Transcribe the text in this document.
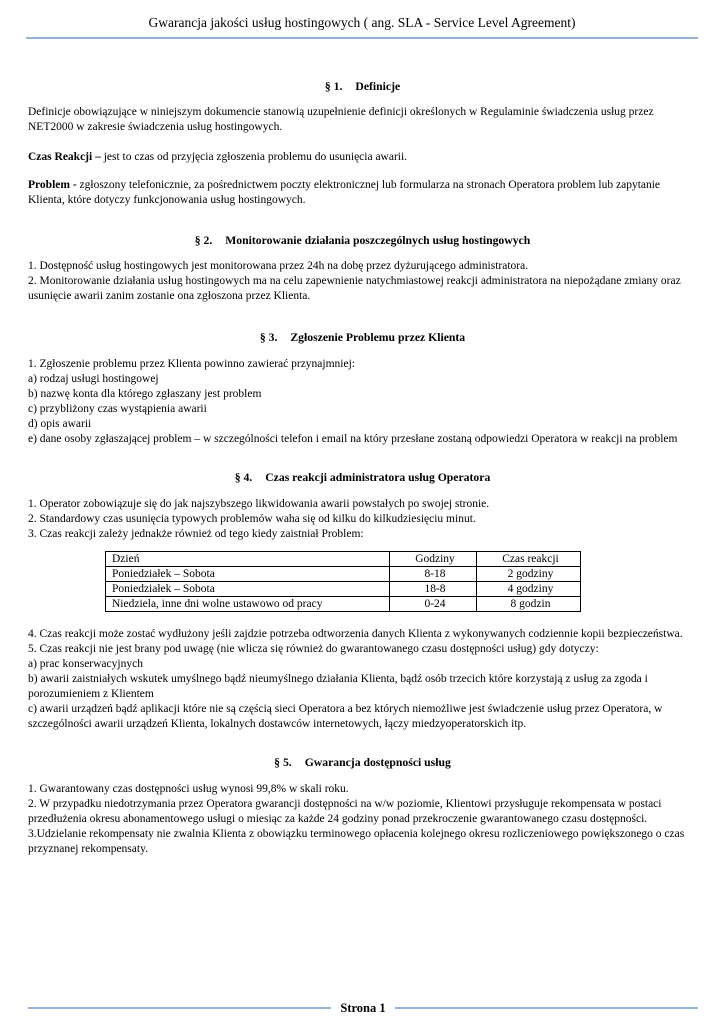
Gwarancja jakości usług hostingowych ( ang. SLA - Service Level Agreement)
§ 1. Definicje

Definicje obowiązujące w niniejszym dokumencie stanowią uzupełnienie definicji określonych w Regulaminie świadczenia usług przez NET2000 w zakresie świadczenia usług hostingowych.

Czas Reakcji – jest to czas od przyjęcia zgłoszenia problemu do usunięcia awarii.

Problem - zgłoszony telefonicznie, za pośrednictwem poczty elektronicznej lub formularza na stronach Operatora problem lub zapytanie Klienta, które dotyczy funkcjonowania usług hostingowych.

§ 2. Monitorowanie działania poszczególnych usług hostingowych

1. Dostępność usług hostingowych jest monitorowana przez 24h na dobę przez dyżurującego administratora.

2. Monitorowanie działania usług hostingowych ma na celu zapewnienie natychmiastowej reakcji administratora na niepożądane zmiany oraz usunięcie awarii zanim zostanie ona zgłoszona przez Klienta.

§ 3. Zgłoszenie Problemu przez Klienta

1. Zgłoszenie problemu przez Klienta powinno zawierać przynajmniej:

a) rodzaj usługi hostingowej

b) nazwę konta dla którego zgłaszany jest problem

c) przybliżony czas wystąpienia awarii

d) opis awarii

e) dane osoby zgłaszającej problem – w szczególności telefon i email na który przesłane zostaną odpowiedzi Operatora w reakcji na problem

§ 4. Czas reakcji administratora usług Operatora

1. Operator zobowiązuje się do jak najszybszego likwidowania awarii powstałych po swojej stronie.

2. Standardowy czas usunięcia typowych problemów waha się od kilku do kilkudziesięciu minut.

3. Czas reakcji zależy jednakże również od tego kiedy zaistniał Problem:

Dzień	Godziny	Czas reakcji
Poniedziałek – Sobota	8-18	2 godziny
Poniedziałek – Sobota	18-8	4 godziny
Niedziela, inne dni wolne ustawowo od pracy	0-24	8 godzin

4. Czas reakcji może zostać wydłużony jeśli zajdzie potrzeba odtworzenia danych Klienta z wykonywanych codziennie kopii bezpieczeństwa.

5. Czas reakcji nie jest brany pod uwagę (nie wlicza się również do gwarantowanego czasu dostępności usług) gdy dotyczy:

a) prac konserwacyjnych

b) awarii zaistniałych wskutek umyślnego bądź nieumyślnego działania Klienta, bądź osób trzecich które korzystają z usług za zgoda i porozumieniem z Klientem

c) awarii urządzeń bądź aplikacji które nie są częścią sieci Operatora a bez których niemożliwe jest świadczenie usług przez Operatora, w szczególności awarii urządzeń Klienta, lokalnych dostawców internetowych, łączy miedzyoperatorskich itp.

§ 5. Gwarancja dostępności usług

1. Gwarantowany czas dostępności usług wynosi 99,8% w skali roku.

2. W przypadku niedotrzymania przez Operatora gwarancji dostępności na w/w poziomie, Klientowi przysługuje rekompensata w postaci przedłużenia okresu abonamentowego usługi o miesiąc za każde 24 godziny ponad przekroczenie gwarantowanego czasu dostępności.

3.Udzielanie rekompensaty nie zwalnia Klienta z obowiązku terminowego opłacenia kolejnego okresu rozliczeniowego powiększonego o czas przyznanej rekompensaty.

Strona 1
